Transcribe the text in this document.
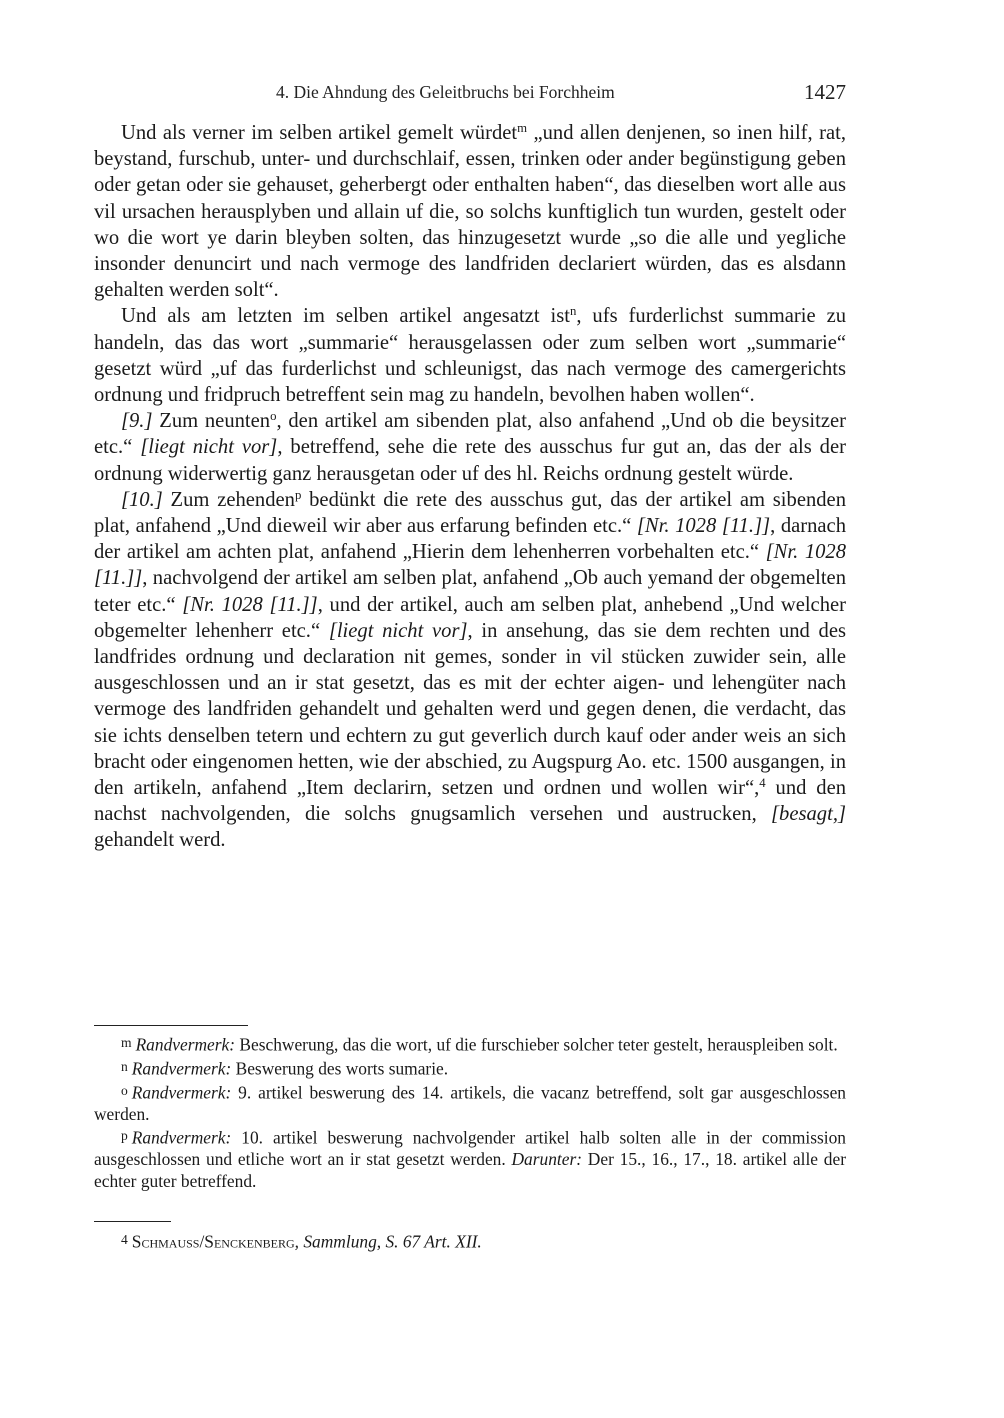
4. Die Ahndung des Geleitbruchs bei Forchheim	1427

Und als verner im selben artikel gemelt würdet$^m$ „und allen denjenen, so inen hilf, rat, beystand, furschub, unter- und durchschlaif, essen, trinken oder ander begünstigung geben oder getan oder sie gehauset, geherbergt oder enthalten haben“, das dieselben wort alle aus vil ursachen herausplyben und allain uf die, so solchs kunftiglich tun wurden, gestelt oder wo die wort ye darin bleyben solten, das hinzugesetzt wurde „so die alle und yegliche insonder denuncirt und nach vermoge des landfriden declariert würden, das es alsdann gehalten werden solt“.

Und als am letzten im selben artikel angesatzt ist$^n$, ufs furderlichst summarie zu handeln, das das wort „summarie“ herausgelassen oder zum selben wort „summarie“ gesetzt würd „uf das furderlichst und schleunigst, das nach vermoge des camergerichts ordnung und fridpruch betreffent sein mag zu handeln, bevolhen haben wollen“.

[9.] Zum neunten$^o$, den artikel am sibenden plat, also anfahend „Und ob die beysitzer etc.“ [liegt nicht vor], betreffend, sehe die rete des ausschus fur gut an, das der als der ordnung widerwertig ganz herausgetan oder uf des hl. Reichs ordnung gestelt würde.

[10.] Zum zehenden$^p$ bedünkt die rete des ausschus gut, das der artikel am sibenden plat, anfahend „Und dieweil wir aber aus erfarung befinden etc.“ [Nr. 1028 [11.]], darnach der artikel am achten plat, anfahend „Hierin dem lehenherren vorbehalten etc.“ [Nr. 1028 [11.]], nachvolgend der artikel am selben plat, anfahend „Ob auch yemand der obgemelten teter etc.“ [Nr. 1028 [11.]], und der artikel, auch am selben plat, anhebend „Und welcher obgemelter lehenherr etc.“ [liegt nicht vor], in ansehung, das sie dem rechten und des landfrides ordnung und declaration nit gemes, sonder in vil stücken zuwider sein, alle ausgeschlossen und an ir stat gesetzt, das es mit der echter aigen- und lehengüter nach vermoge des landfriden gehandelt und gehalten werd und gegen denen, die verdacht, das sie ichts denselben tetern und echtern zu gut geverlich durch kauf oder ander weis an sich bracht oder eingenomen hetten, wie der abschied, zu Augspurg Ao. etc. 1500 ausgangen, in den artikeln, anfahend „Item declarirn, setzen und ordnen und wollen wir“,$^4$ und den nachst nachvolgenden, die solchs gnugsamlich versehen und austrucken, [besagt,] gehandelt werd.

m Randvermerk: Beschwerung, das die wort, uf die furschieber solcher teter gestelt, herauspleiben solt.

n Randvermerk: Beswerung des worts sumarie.

o Randvermerk: 9. artikel beswerung des 14. artikels, die vacanz betreffend, solt gar ausgeschlossen werden.

p Randvermerk: 10. artikel beswerung nachvolgender artikel halb solten alle in der commission ausgeschlossen und etliche wort an ir stat gesetzt werden. Darunter: Der 15., 16., 17., 18. artikel alle der echter guter betreffend.

4 Schmauss/Senckenberg, Sammlung, S. 67 Art. XII.
